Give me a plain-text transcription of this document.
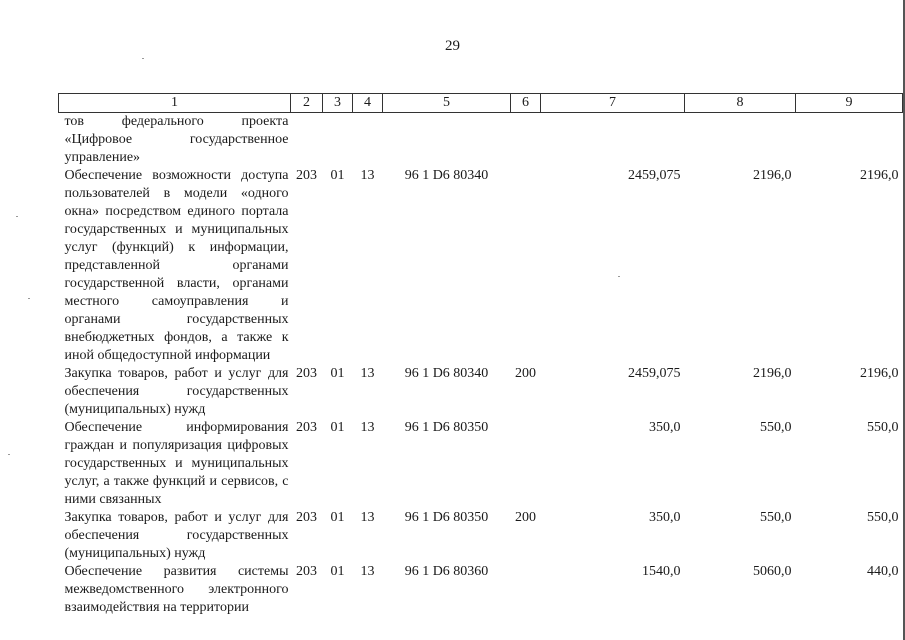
29
1	2	3	4	5	6	7	8	9
тов федерального проекта «Цифровое государственное управление»								
Обеспечение возможности доступа пользователей в модели «одного окна» посредством единого портала государственных и муниципальных услуг (функций) к информации, представленной органами государственной власти, органами местного самоуправления и органами государственных внебюджетных фондов, а также к иной общедоступной информации	203	01	13	96 1 D6 80340		2459,075	2196,0	2196,0
Закупка товаров, работ и услуг для обеспечения государственных (муниципальных) нужд	203	01	13	96 1 D6 80340	200	2459,075	2196,0	2196,0
Обеспечение информирования граждан и популяризация цифровых государственных и муниципальных услуг, а также функций и сервисов, с ними связанных	203	01	13	96 1 D6 80350		350,0	550,0	550,0
Закупка товаров, работ и услуг для обеспечения государственных (муниципальных) нужд	203	01	13	96 1 D6 80350	200	350,0	550,0	550,0
Обеспечение развития системы межведомственного электронного взаимодействия на территории	203	01	13	96 1 D6 80360		1540,0	5060,0	440,0
